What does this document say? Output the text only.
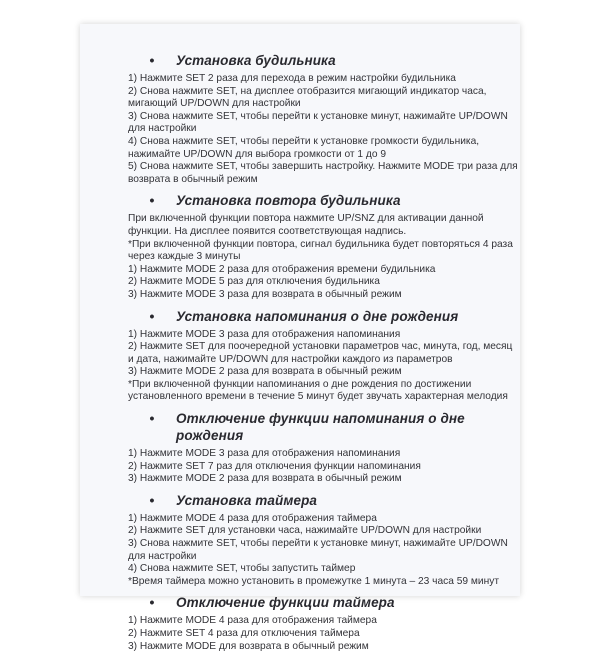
•	Установка будильника
1) Нажмите SET 2 раза для перехода в режим настройки будильника
2) Снова нажмите SET, на дисплее отобразится мигающий индикатор часа,
мигающий UP/DOWN для настройки
3) Снова нажмите SET, чтобы перейти к установке минут, нажимайте UP/DOWN
для настройки
4) Снова нажмите SET, чтобы перейти к установке громкости будильника,
нажимайте UP/DOWN для выбора громкости от 1 до 9
5) Снова нажмите SET, чтобы завершить настройку. Нажмите MODE три раза для
возврата в обычный режим
•	Установка повтора будильника
При включенной функции повтора нажмите UP/SNZ для активации данной
функции. На дисплее появится соответствующая надпись.
*При включенной функции повтора, сигнал будильника будет повторяться 4 раза
через каждые 3 минуты
1) Нажмите MODE 2 раза для отображения времени будильника
2) Нажмите MODE 5 раз для отключения будильника
3) Нажмите MODE 3 раза для возврата в обычный режим
•	Установка напоминания о дне рождения
1) Нажмите MODE 3 раза для отображения напоминания
2) Нажмите SET для поочередной установки параметров час, минута, год, месяц
и дата, нажимайте UP/DOWN для настройки каждого из параметров
3) Нажмите MODE 2 раза для возврата в обычный режим
*При включенной функции напоминания о дне рождения по достижении
установленного времени в течение 5 минут будет звучать характерная мелодия
•	Отключение функции напоминания о дне
рождения
1) Нажмите MODE 3 раза для отображения напоминания
2) Нажмите SET 7 раз для отключения функции напоминания
3) Нажмите MODE 2 раза для возврата в обычный режим
•	Установка таймера
1) Нажмите MODE 4 раза для отображения таймера
2) Нажмите SET для установки часа, нажимайте UP/DOWN для настройки
3) Снова нажмите SET, чтобы перейти к установке минут, нажимайте UP/DOWN
для настройки
4) Снова нажмите SET, чтобы запустить таймер
*Время таймера можно установить в промежутке 1 минута – 23 часа 59 минут
•	Отключение функции таймера
1) Нажмите MODE 4 раза для отображения таймера
2) Нажмите SET 4 раза для отключения таймера
3) Нажмите MODE для возврата в обычный режим
